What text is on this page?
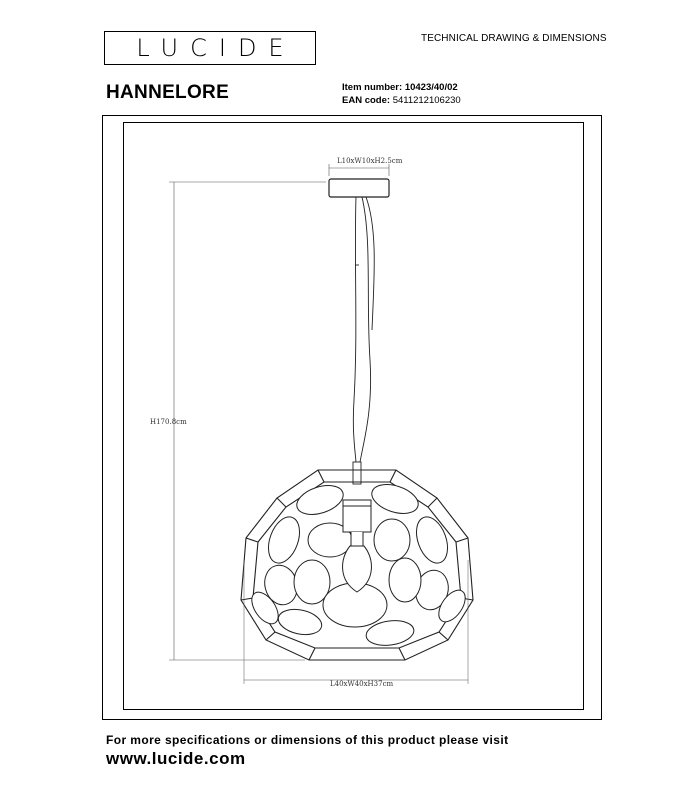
LUCIDE	TECHNICAL DRAWING & DIMENSIONS
HANNELORE	Item number: 10423/40/02
EAN code: 5411212106230
L10xW10xH2.5cm
H170.8cm
L40xW40xH37cm
For more specifications or dimensions of this product please visit
www.lucide.com
